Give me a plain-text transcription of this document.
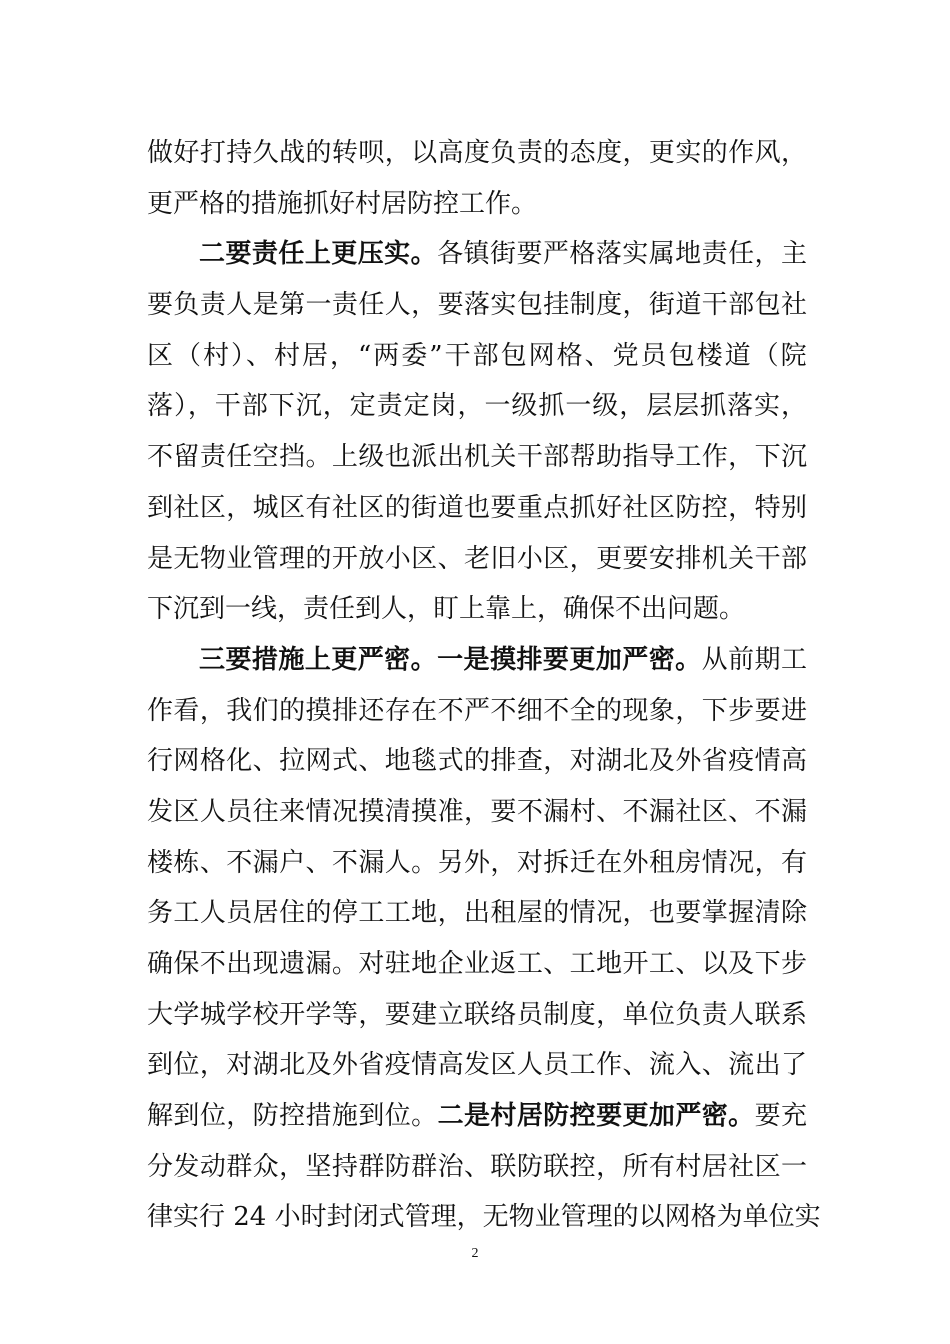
做好打持久战的转呗，以高度负责的态度，更实的作风，
更严格的措施抓好村居防控工作。
二要责任上更压实。各镇街要严格落实属地责任，主
要负责人是第一责任人，要落实包挂制度，街道干部包社
区（村）、村居，“两委”干部包网格、党员包楼道（院
落），干部下沉，定责定岗，一级抓一级，层层抓落实，
不留责任空挡。上级也派出机关干部帮助指导工作，下沉
到社区，城区有社区的街道也要重点抓好社区防控，特别
是无物业管理的开放小区、老旧小区，更要安排机关干部
下沉到一线，责任到人，盯上靠上，确保不出问题。
三要措施上更严密。一是摸排要更加严密。从前期工
作看，我们的摸排还存在不严不细不全的现象，下步要进
行网格化、拉网式、地毯式的排查，对湖北及外省疫情高
发区人员往来情况摸清摸准，要不漏村、不漏社区、不漏
楼栋、不漏户、不漏人。另外，对拆迁在外租房情况，有
务工人员居住的停工工地，出租屋的情况，也要掌握清除
确保不出现遗漏。对驻地企业返工、工地开工、以及下步
大学城学校开学等，要建立联络员制度，单位负责人联系
到位，对湖北及外省疫情高发区人员工作、流入、流出了
解到位，防控措施到位。二是村居防控要更加严密。要充
分发动群众，坚持群防群治、联防联控，所有村居社区一
律实行 24 小时封闭式管理，无物业管理的以网格为单位实
2
